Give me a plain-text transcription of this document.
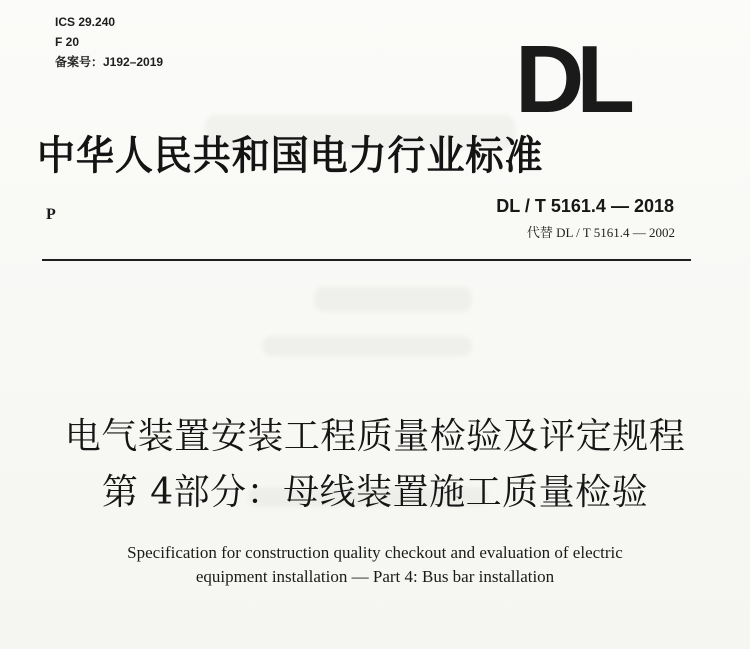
ICS 29.240
F 20
备案号：J192–2019	DL
中华人民共和国电力行业标准
P	DL / T 5161.4 — 2018
代替 DL / T 5161.4 — 2002
电气装置安装工程质量检验及评定规程
第 4部分：母线装置施工质量检验
Specification for construction quality checkout and evaluation of electric
equipment installation — Part 4: Bus bar installation
